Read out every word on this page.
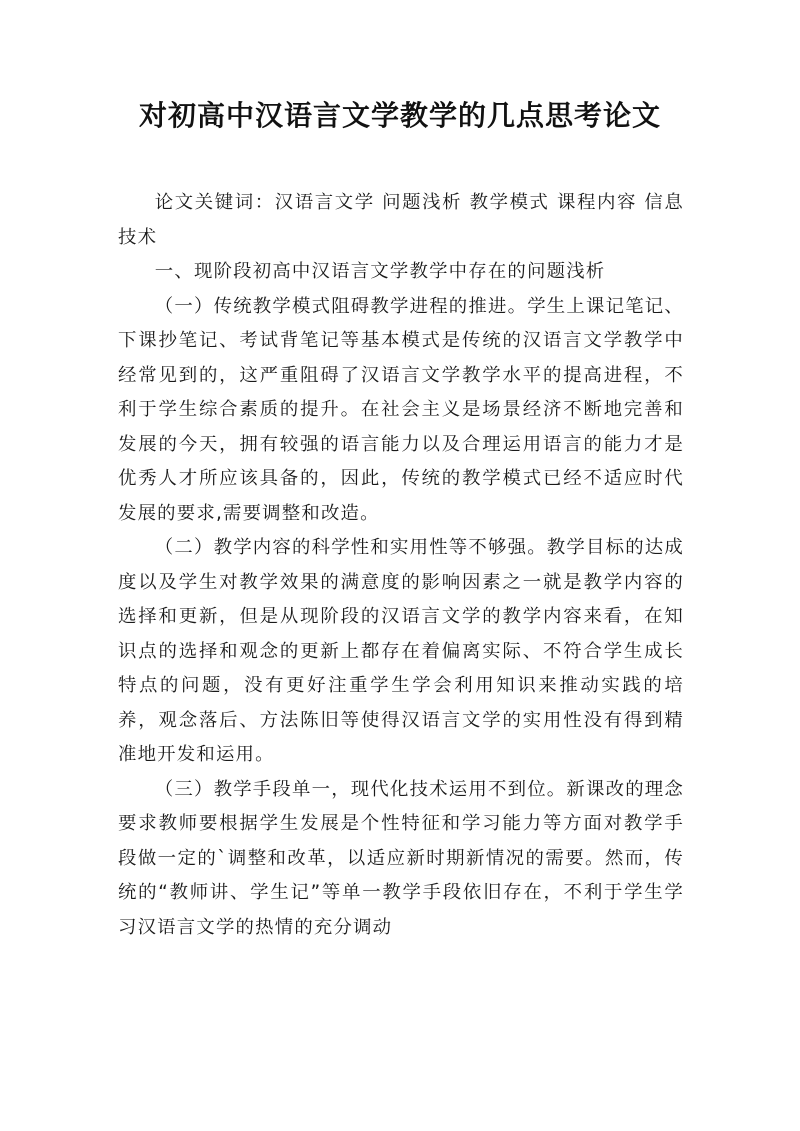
对初高中汉语言文学教学的几点思考论文

论文关键词：汉语言文学 问题浅析 教学模式 课程内容 信息技术

一、现阶段初高中汉语言文学教学中存在的问题浅析

（一）传统教学模式阻碍教学进程的推进。学生上课记笔记、下课抄笔记、考试背笔记等基本模式是传统的汉语言文学教学中经常见到的，这严重阻碍了汉语言文学教学水平的提高进程，不利于学生综合素质的提升。在社会主义是场景经济不断地完善和发展的今天，拥有较强的语言能力以及合理运用语言的能力才是优秀人才所应该具备的，因此，传统的教学模式已经不适应时代发展的要求,需要调整和改造。

（二）教学内容的科学性和实用性等不够强。教学目标的达成度以及学生对教学效果的满意度的影响因素之一就是教学内容的选择和更新，但是从现阶段的汉语言文学的教学内容来看，在知识点的选择和观念的更新上都存在着偏离实际、不符合学生成长特点的问题，没有更好注重学生学会利用知识来推动实践的培养，观念落后、方法陈旧等使得汉语言文学的实用性没有得到精准地开发和运用。

（三）教学手段单一，现代化技术运用不到位。新课改的理念要求教师要根据学生发展是个性特征和学习能力等方面对教学手段做一定的`调整和改革，以适应新时期新情况的需要。然而，传统的“教师讲、学生记”等单一教学手段依旧存在，不利于学生学习汉语言文学的热情的充分调动
